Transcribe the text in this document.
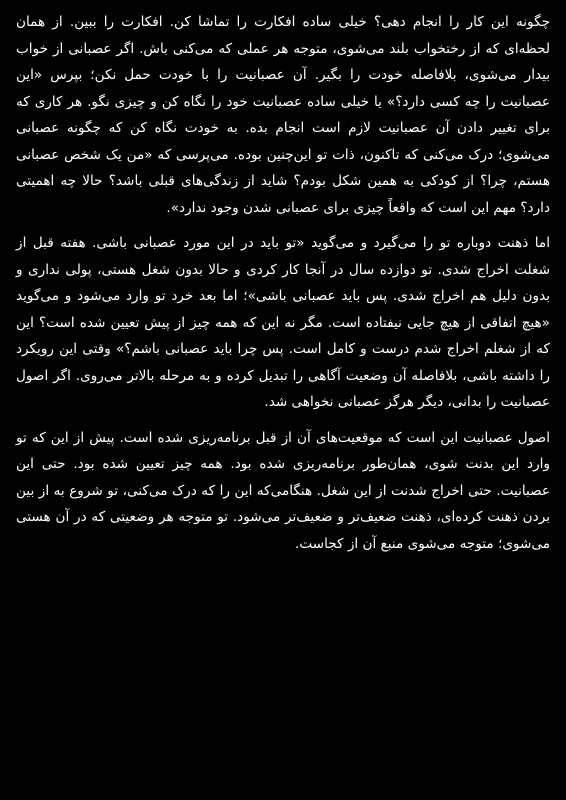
چگونه این کار را انجام دهی؟ خیلی ساده افکارت را تماشا کن. افکارت را ببین. از همان لحظه‌ای که از رختخواب بلند می‌شوی، متوجه هر عملی که می‌کنی باش. اگر عصبانی از خواب بیدار می‌شوی، بلافاصله خودت را بگیر. آن عصبانیت را با خودت حمل نکن؛ بپرس «این عصبانیت را چه کسی دارد؟» یا خیلی ساده عصبانیت خود را نگاه کن و چیزی نگو. هر کاری که برای تغییر دادن آن عصبانیت لازم است انجام بده. به خودت نگاه کن که چگونه عصبانی می‌شوی؛ درک می‌کنی که تاکنون، ذات تو این‌چنین بوده. می‌پرسی که «من یک شخص عصبانی هستم، چرا؟ از کودکی به همین شکل بودم؟ شاید از زندگی‌های قبلی باشد؟ حالا چه اهمیتی دارد؟ مهم این است که واقعاً چیزی برای عصبانی شدن وجود ندارد».

اما ذهنت دوباره تو را می‌گیرد و می‌گوید «تو باید در این مورد عصبانی باشی. هفته قبل از شغلت اخراج شدی. تو دوازده سال در آنجا کار کردی و حالا بدون شغل هستی، پولی نداری و بدون دلیل هم اخراج شدی. پس باید عصبانی باشی»؛ اما بعد خرد تو وارد می‌شود و می‌گوید «هیچ اتفاقی از هیچ جایی نیفتاده است. مگر نه این که همه چیز از پیش تعیین شده است؟ این که از شغلم اخراج شدم درست و کامل است. پس چرا باید عصبانی باشم؟» وقتی این رویکرد را داشته باشی، بلافاصله آن وضعیت آگاهی را تبدیل کرده و به مرحله بالاتر می‌روی. اگر اصول عصبانیت را بدانی، دیگر هرگز عصبانی نخواهی شد.

اصول عصبانیت این است که موقعیت‌های آن از قبل برنامه‌ریزی شده است. پیش از این که تو وارد این بدنت شوی، همان‌طور برنامه‌ریزی شده بود. همه چیز تعیین شده بود. حتی این عصبانیت. حتی اخراج شدنت از این شغل. هنگامی‌که این را که درک می‌کنی، تو شروع به از بین بردن ذهنت کرده‌ای، ذهنت ضعیف‌تر و ضعیف‌تر می‌شود. تو متوجه هر وضعیتی که در آن هستی می‌شوی؛ متوجه می‌شوی منبع آن از کجاست.
